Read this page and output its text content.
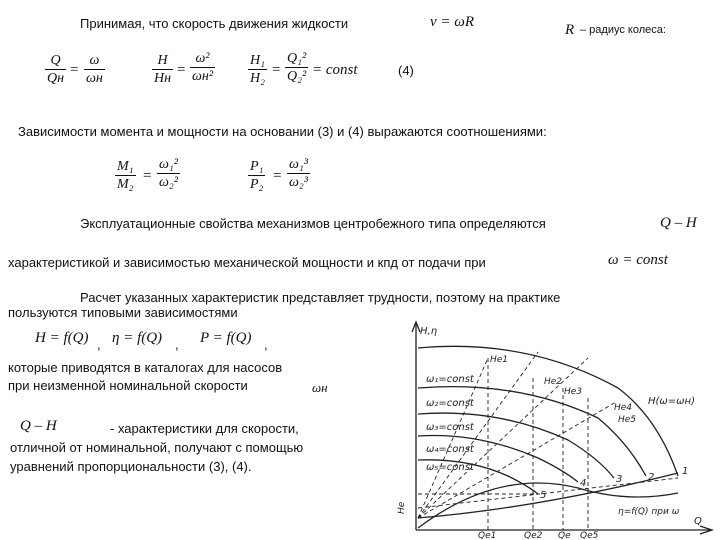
Принимая, что скорость движения жидкости	v = ωR	R – радиус колеса:
Q
Qн
=
ω
ωн
H
Hн
=
ω²
$\omega н^2 \frac{\text{H₁}}{\text{H₂}} = \frac{\text{Q₁²}}{\text{Q₂²}}$ = const	(4)
Зависимости момента и мощности на основании (3) и (4) выражаются соотношениями:
$\frac{\text{M₁}}{\text{M₂}} = \frac{\text{ω₁²}}{\text{ω₂²}}$	$\frac{\text{P₁}}{\text{P₂}} = \frac{\text{ω₁³}}{\text{ω₂³}}$
Эксплуатационные свойства механизмов центробежного типа определяются	Q – H
характеристикой и зависимостью механической мощности и кпд от подачи при	ω = const
Расчет указанных характеристик представляет трудности, поэтому на практике
пользуются типовыми зависимостями
H = f(Q) , η = f(Q) , P = f(Q) ,
которые приводятся в каталогах для насосов
при неизменной номинальной скорости	ωн
Q – H	- характеристики для скорости,
отличной от номинальной, получают с помощью
уравнений пропорциональности (3), (4).
H,η
Q
ω₁=const
ω₂=const
ω₃=const
ω₄=const
ω₅=const
H(ω=ωн)
η=f(Q) при ω
1
2
3
4
5
Hе1
Hе2
Hе3
Hе4
Hе5
Hе
Qе1	Qе2 Qе Qе5
